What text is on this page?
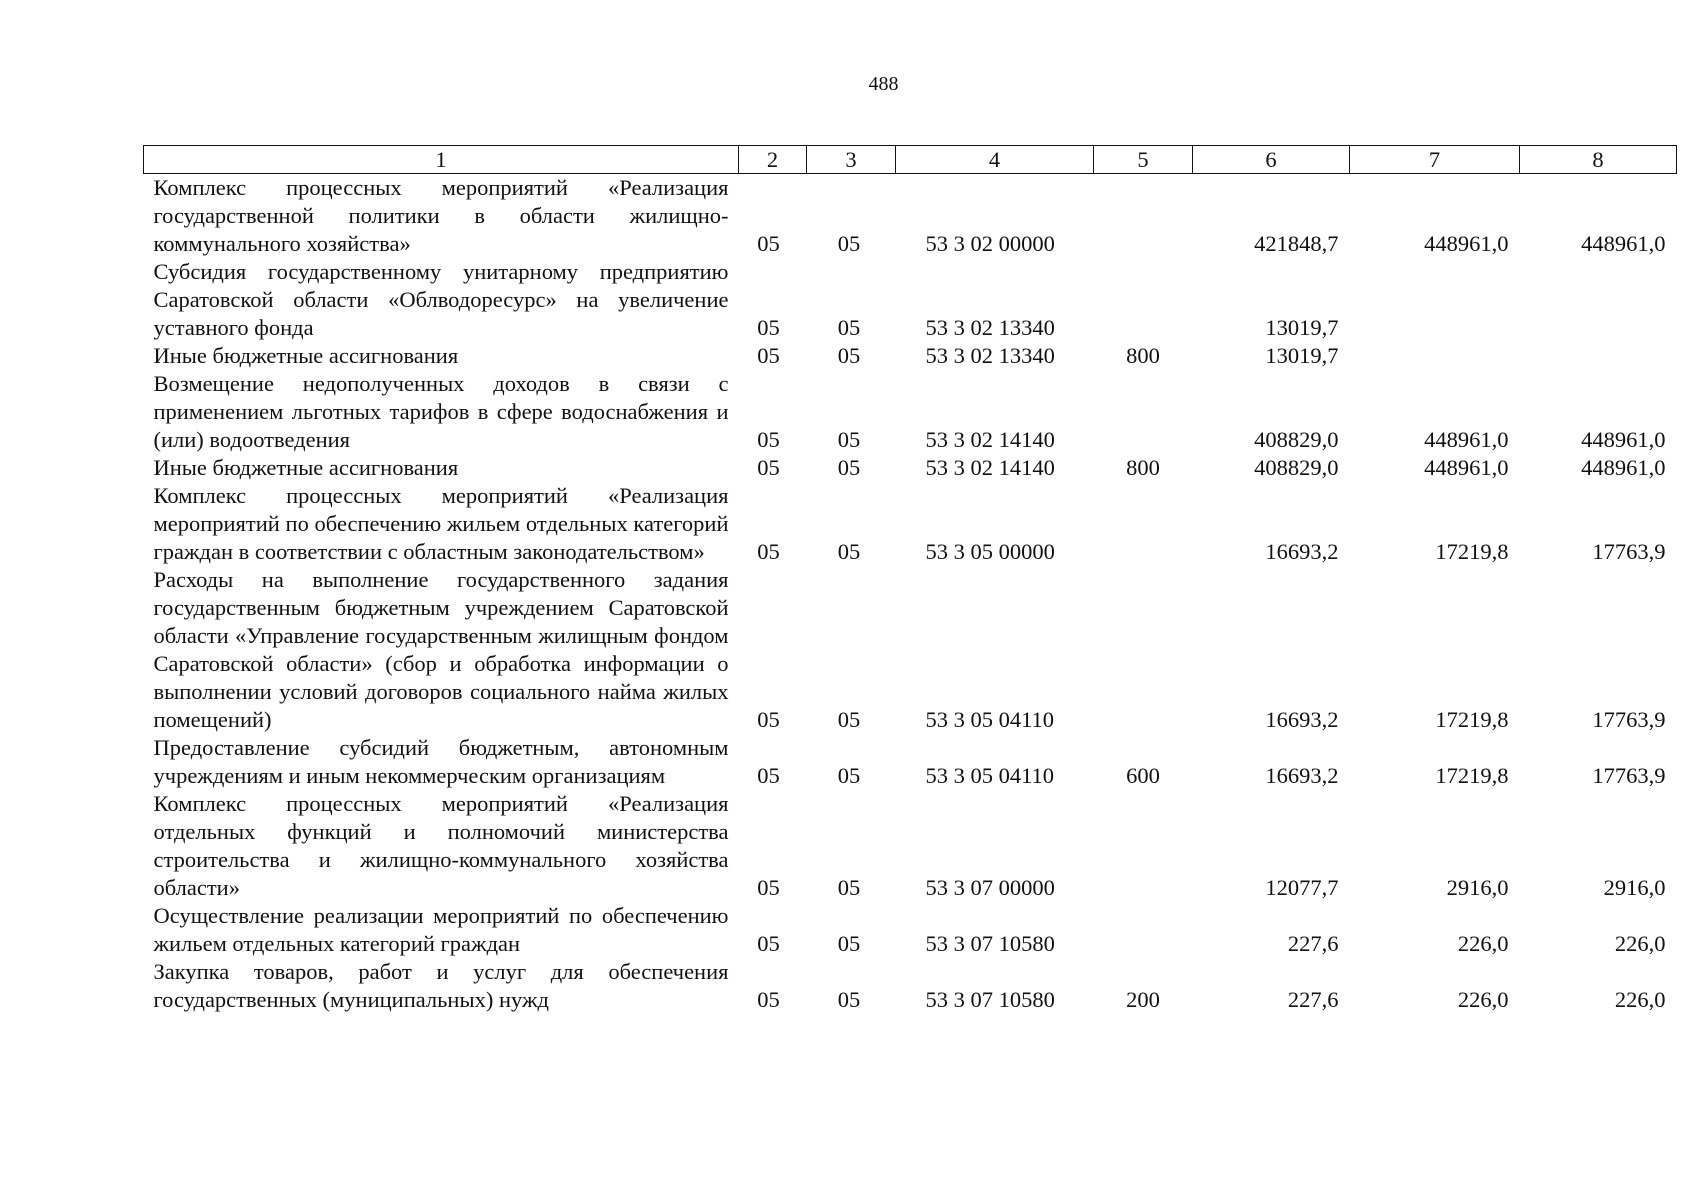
488
1	2	3	4	5	6	7	8
Комплекс процессных мероприятий «Реализация государственной политики в области жилищно-коммунального хозяйства»	05	05	53 3 02 00000		421848,7	448961,0	448961,0
Субсидия государственному унитарному предприятию Саратовской области «Облводоресурс» на увеличение уставного фонда	05	05	53 3 02 13340		13019,7		
Иные бюджетные ассигнования	05	05	53 3 02 13340	800	13019,7		
Возмещение недополученных доходов в связи с применением льготных тарифов в сфере водоснабжения и (или) водоотведения	05	05	53 3 02 14140		408829,0	448961,0	448961,0
Иные бюджетные ассигнования	05	05	53 3 02 14140	800	408829,0	448961,0	448961,0
Комплекс процессных мероприятий «Реализация мероприятий по обеспечению жильем отдельных категорий граждан в соответствии с областным законодательством»	05	05	53 3 05 00000		16693,2	17219,8	17763,9
Расходы на выполнение государственного задания государственным бюджетным учреждением Саратовской области «Управление государственным жилищным фондом Саратовской области» (сбор и обработка информации о выполнении условий договоров социального найма жилых помещений)	05	05	53 3 05 04110		16693,2	17219,8	17763,9
Предоставление субсидий бюджетным, автономным учреждениям и иным некоммерческим организациям	05	05	53 3 05 04110	600	16693,2	17219,8	17763,9
Комплекс процессных мероприятий «Реализация отдельных функций и полномочий министерства строительства и жилищно-коммунального хозяйства области»	05	05	53 3 07 00000		12077,7	2916,0	2916,0
Осуществление реализации мероприятий по обеспечению жильем отдельных категорий граждан	05	05	53 3 07 10580		227,6	226,0	226,0
Закупка товаров, работ и услуг для обеспечения государственных (муниципальных) нужд	05	05	53 3 07 10580	200	227,6	226,0	226,0
